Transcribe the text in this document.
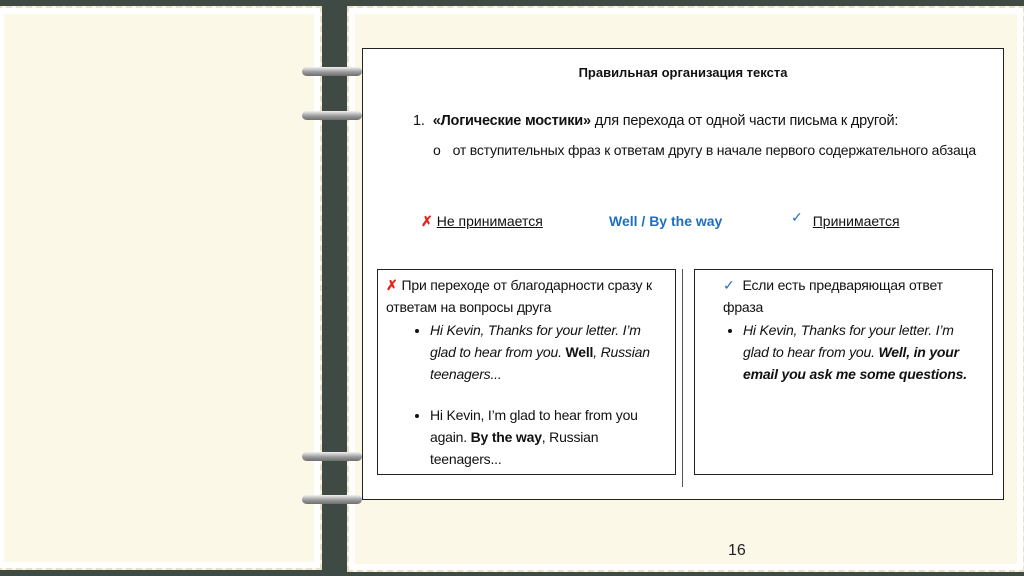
Правильная организация текста
1. «Логические мостики» для перехода от одной части письма к другой:
o от вступительных фраз к ответам другу в начале первого содержательного абзаца
✗ Не принимается	Well / By the way	✓ Принимается
✗ При переходе от благодарности сразу к ответам на вопросы друга
• Hi Kevin, Thanks for your letter. I’m glad to hear from you. Well, Russian teenagers...
• Hi Kevin, I’m glad to hear from you again. By the way, Russian teenagers...
✓ Если есть предваряющая ответ фраза
• Hi Kevin, Thanks for your letter. I’m glad to hear from you. Well, in your email you ask me some questions.
16
